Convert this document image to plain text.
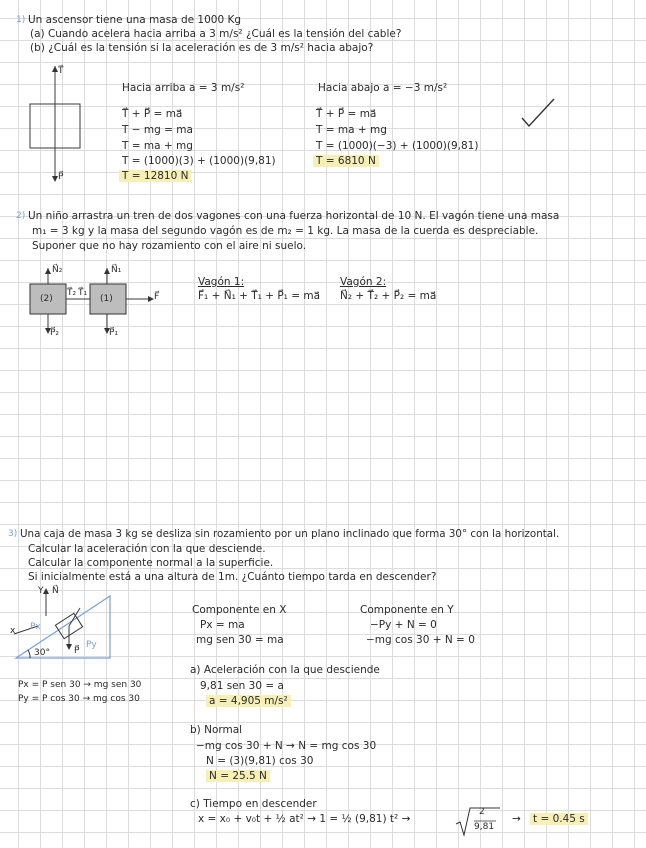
1) Un ascensor tiene una masa de 1000 Kg
(a) Cuando acelera hacia arriba a 3 m/s² ¿Cuál es la tensión del cable?
(b) ¿Cuál es la tensión si la aceleración es de 3 m/s² hacia abajo?
T⃗
P⃗
Hacia arriba a = 3 m/s²
T⃗ + P⃗ = ma⃗
T − mg = ma
T = ma + mg
T = (1000)(3) + (1000)(9,81)
T = 12810 N
Hacia abajo a = −3 m/s²
T⃗ + P⃗ = ma⃗
T = ma + mg
T = (1000)(−3) + (1000)(9,81)
T = 6810 N
2) Un niño arrastra un tren de dos vagones con una fuerza horizontal de 10 N. El vagón tiene una masa
m₁ = 3 kg y la masa del segundo vagón es de m₂ = 1 kg. La masa de la cuerda es despreciable.
Suponer que no hay rozamiento con el aire ni suelo.
N⃗₂	N⃗₁
(2)	(1)
T⃗₂ T⃗₁	F⃗
P⃗₂	P⃗₁
Vagón 1:
F⃗₁ + N⃗₁ + T⃗₁ + P⃗₁ = ma⃗
Vagón 2:
N⃗₂ + T⃗₂ + P⃗₂ = ma⃗
3) Una caja de masa 3 kg se desliza sin rozamiento por un plano inclinado que forma 30° con la horizontal.
Calcular la aceleración con la que desciende.
Calcular la componente normal a la superficie.
Si inicialmente está a una altura de 1m. ¿Cuánto tiempo tarda en descender?
Y N⃗
x Px
Py
P⃗
30°
Px = P sen 30 → mg sen 30
Py = P cos 30 → mg cos 30
Componente en X
Px = ma
mg sen 30 = ma
Componente en Y
−Py + N = 0
−mg cos 30 + N = 0
a) Aceleración con la que desciende
9,81 sen 30 = a
a = 4,905 m/s²
b) Normal
−mg cos 30 + N → N = mg cos 30
N = (3)(9,81) cos 30
N = 25.5 N
c) Tiempo en descender
x = x₀ + v₀t + ½ at² → 1 = ½ (9,81) t² →
2
9,81
→ t = 0.45 s
